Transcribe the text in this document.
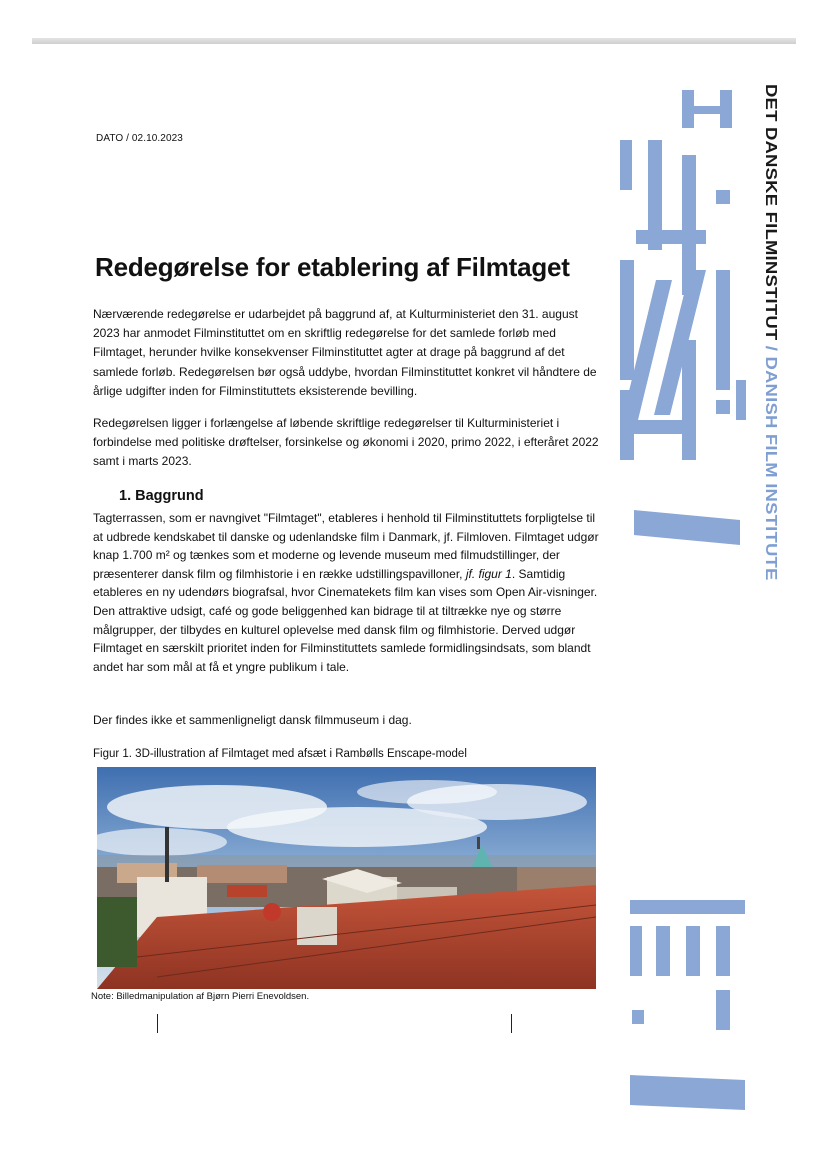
DATO / 02.10.2023
Redegørelse for etablering af Filmtaget

Nærværende redegørelse er udarbejdet på baggrund af, at Kulturministeriet den 31. august 2023 har anmodet Filminstituttet om en skriftlig redegørelse for det samlede forløb med Filmtaget, herunder hvilke konsekvenser Filminstituttet agter at drage på baggrund af det samlede forløb. Redegørelsen bør også uddybe, hvordan Filminstituttet konkret vil håndtere de årlige udgifter inden for Filminstituttets eksisterende bevilling.

Redegørelsen ligger i forlængelse af løbende skriftlige redegørelser til Kulturministeriet i forbindelse med politiske drøftelser, forsinkelse og økonomi i 2020, primo 2022, i efteråret 2022 samt i marts 2023.

1. Baggrund

Tagterrassen, som er navngivet "Filmtaget", etableres i henhold til Filminstituttets forpligtelse til at udbrede kendskabet til danske og udenlandske film i Danmark, jf. Filmloven. Filmtaget udgør knap 1.700 m² og tænkes som et moderne og levende museum med filmudstillinger, der præsenterer dansk film og filmhistorie i en række udstillingspavilloner, jf. figur 1. Samtidig etableres en ny udendørs biografsal, hvor Cinematekets film kan vises som Open Air-visninger. Den attraktive udsigt, café og gode beliggenhed kan bidrage til at tiltrække nye og større målgrupper, der tilbydes en kulturel oplevelse med dansk film og filmhistorie. Derved udgør Filmtaget en særskilt prioritet inden for Filminstituttets samlede formidlingsindsats, som blandt andet har som mål at få et yngre publikum i tale.

Der findes ikke et sammenligneligt dansk filmmuseum i dag.

Figur 1. 3D-illustration af Filmtaget med afsæt i Rambølls Enscape-model
Note: Billedmanipulation af Bjørn Pierri Enevoldsen.
DET DANSKE FILMINSTITUT / DANISH FILM INSTITUTE
